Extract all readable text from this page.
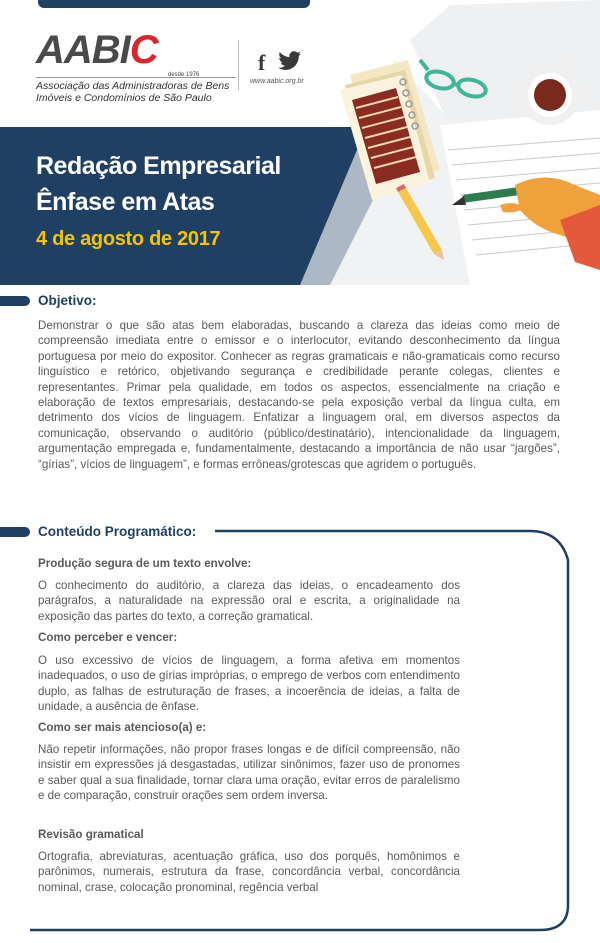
AABIC
desde 1976
Associação das Administradoras de Bens
Imóveis e Condomínios de São Paulo
f
www.aabic.org.br
Redação Empresarial
Ênfase em Atas
4 de agosto de 2017
Objetivo:
Demonstrar o que são atas bem elaboradas, buscando a clareza das ideias como meio de compreensão imediata entre o emissor e o interlocutor, evitando desconhecimento da língua portuguesa por meio do expositor. Conhecer as regras gramaticais e não-gramaticais como recurso linguístico e retórico, objetivando segurança e credibilidade perante colegas, clientes e representantes. Primar pela qualidade, em todos os aspectos, essencialmente na criação e elaboração de textos empresariais, destacando-se pela exposição verbal da língua culta, em detrimento dos vícios de linguagem. Enfatizar a linguagem oral, em diversos aspectos da comunicação, observando o auditório (público/destinatário), intencionalidade da linguagem, argumentação empregada e, fundamentalmente, destacando a importância de não usar “jargões”, “gírias”, vícios de linguagem”, e formas errôneas/grotescas que agridem o português.
Conteúdo Programático:
Produção segura de um texto envolve:
O conhecimento do auditório, a clareza das ideias, o encadeamento dos parágrafos, a naturalidade na expressão oral e escrita, a originalidade na exposição das partes do texto, a correção gramatical.
Como perceber e vencer:
O uso excessivo de vícios de linguagem, a forma afetiva em momentos inadequados, o uso de gírias impróprias, o emprego de verbos com entendimento duplo, as falhas de estruturação de frases, a incoerência de ideias, a falta de unidade, a ausência de ênfase.
Como ser mais atencioso(a) e:
Não repetir informações, não propor frases longas e de difícil compreensão, não insistir em expressões já desgastadas, utilizar sinônimos, fazer uso de pronomes e saber qual a sua finalidade, tornar clara uma oração, evitar erros de paralelismo e de comparação, construir orações sem ordem inversa.
Revisão gramatical
Ortografia, abreviaturas, acentuação gráfica, uso dos porquês, homônimos e parônimos, numerais, estrutura da frase, concordância verbal, concordância nominal, crase, colocação pronominal, regência verbal
